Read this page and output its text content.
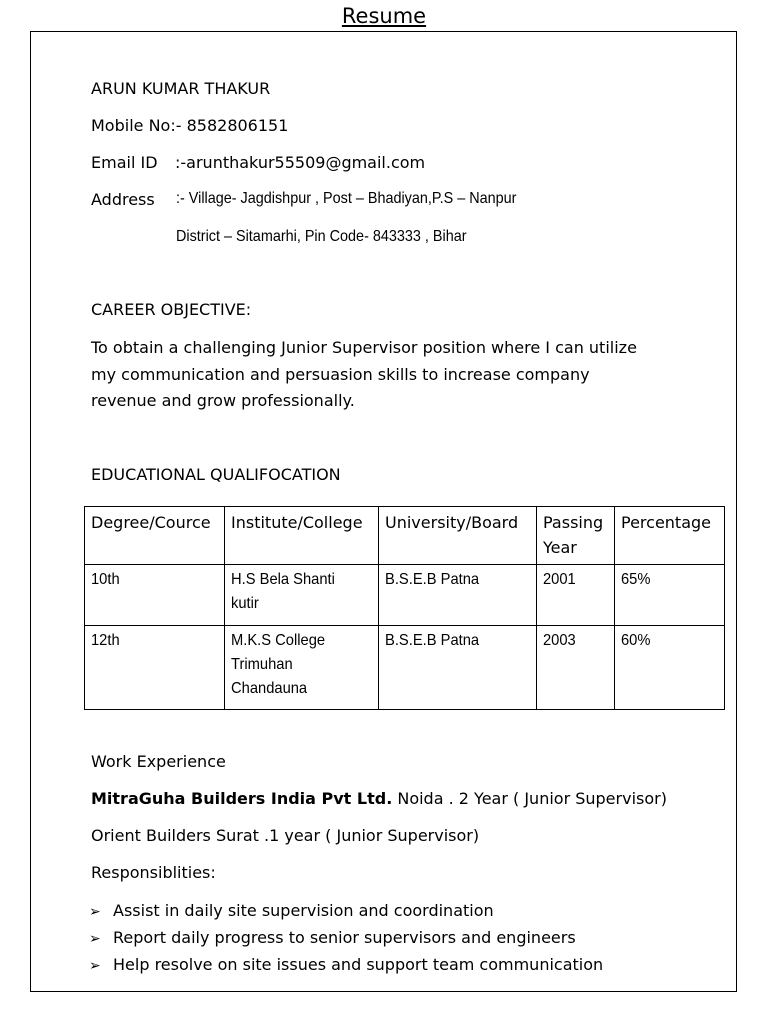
Resume
ARUN KUMAR THAKUR
Mobile No:- 8582806151
Email ID :-arunthakur55509@gmail.com
Address :- Village- Jagdishpur , Post – Bhadiyan,P.S – Nanpur
District – Sitamarhi, Pin Code- 843333 , Bihar
CAREER OBJECTIVE:
To obtain a challenging Junior Supervisor position where I can utilize
my communication and persuasion skills to increase company
revenue and grow professionally.
EDUCATIONAL QUALIFOCATION
Degree/Cource	Institute/College	University/Board	Passing Year	Percentage
10th	H.S Bela Shanti kutir	B.S.E.B Patna	2001	65%
12th	M.K.S College Trimuhan Chandauna	B.S.E.B Patna	2003	60%
Work Experience
MitraGuha Builders India Pvt Ltd. Noida . 2 Year ( Junior Supervisor)
Orient Builders Surat .1 year ( Junior Supervisor)
Responsiblities:
➢ Assist in daily site supervision and coordination
➢ Report daily progress to senior supervisors and engineers
➢ Help resolve on site issues and support team communication
